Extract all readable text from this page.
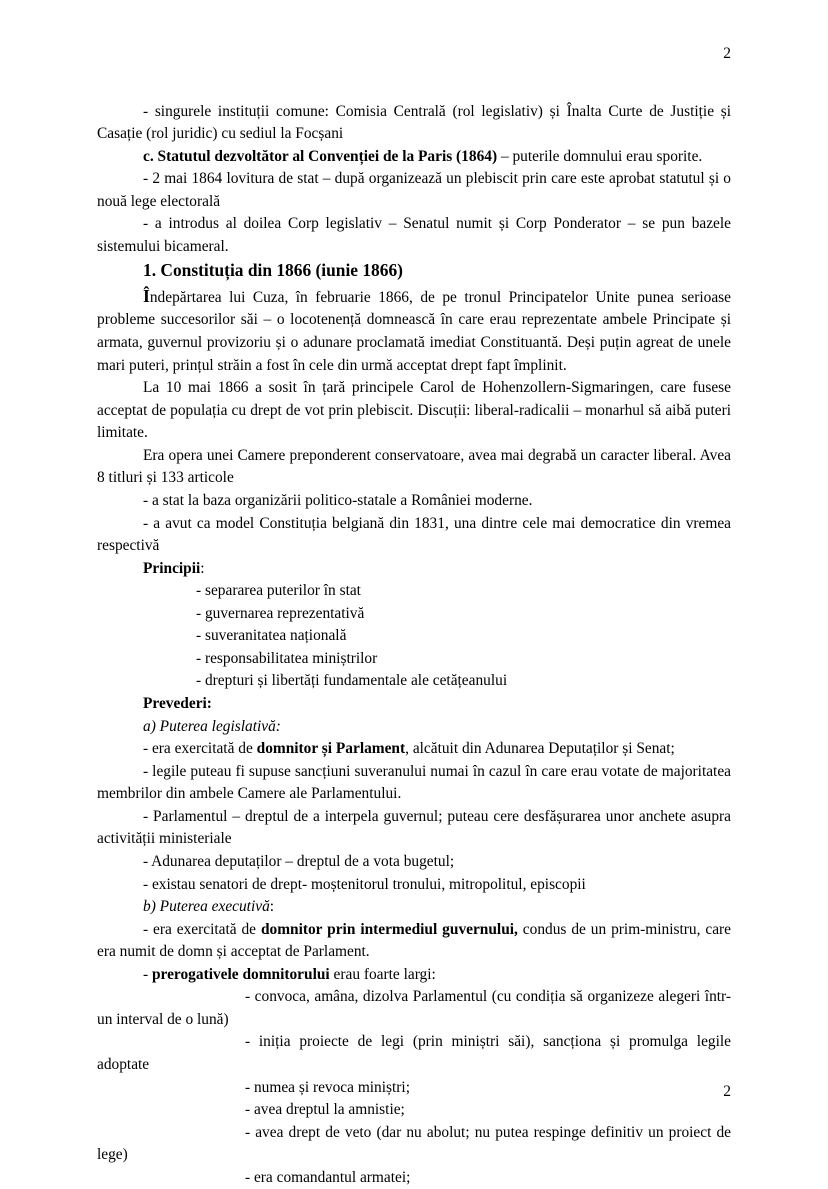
2

- singurele instituții comune: Comisia Centrală (rol legislativ) și Înalta Curte de Justiție și Casație (rol juridic) cu sediul la Focșani

c. Statutul dezvoltător al Convenției de la Paris (1864) – puterile domnului erau sporite.

- 2 mai 1864 lovitura de stat – după organizează un plebiscit prin care este aprobat statutul și o nouă lege electorală

- a introdus al doilea Corp legislativ – Senatul numit și Corp Ponderator – se pun bazele sistemului bicameral.

1. Constituția din 1866 (iunie 1866)

Îndepărtarea lui Cuza, în februarie 1866, de pe tronul Principatelor Unite punea serioase probleme succesorilor săi – o locotenență domnească în care erau reprezentate ambele Principate și armata, guvernul provizoriu și o adunare proclamată imediat Constituantă. Deși puțin agreat de unele mari puteri, prințul străin a fost în cele din urmă acceptat drept fapt împlinit.

La 10 mai 1866 a sosit în țară principele Carol de Hohenzollern-Sigmaringen, care fusese acceptat de populația cu drept de vot prin plebiscit. Discuții: liberal-radicalii – monarhul să aibă puteri limitate.

Era opera unei Camere preponderent conservatoare, avea mai degrabă un caracter liberal. Avea 8 titluri și 133 articole

- a stat la baza organizării politico-statale a României moderne.

- a avut ca model Constituția belgiană din 1831, una dintre cele mai democratice din vremea respectivă

Principii:

- separarea puterilor în stat

- guvernarea reprezentativă

- suveranitatea națională

- responsabilitatea miniștrilor

- drepturi și libertăți fundamentale ale cetățeanului

Prevederi:

a) Puterea legislativă:

- era exercitată de domnitor și Parlament, alcătuit din Adunarea Deputaților și Senat;

- legile puteau fi supuse sancțiuni suveranului numai în cazul în care erau votate de majoritatea membrilor din ambele Camere ale Parlamentului.

- Parlamentul – dreptul de a interpela guvernul; puteau cere desfășurarea unor anchete asupra activității ministeriale

- Adunarea deputaților – dreptul de a vota bugetul;

- existau senatori de drept- moștenitorul tronului, mitropolitul, episcopii

b) Puterea executivă:

- era exercitată de domnitor prin intermediul guvernului, condus de un prim-ministru, care era numit de domn și acceptat de Parlament.

- prerogativele domnitorului erau foarte largi:

- convoca, amâna, dizolva Parlamentul (cu condiția să organizeze alegeri într-un interval de o lună)

- iniția proiecte de legi (prin miniștri săi), sancționa și promulga legile adoptate

- numea și revoca miniștri;

- avea dreptul la amnistie;

- avea drept de veto (dar nu abolut; nu putea respinge definitiv un proiect de lege)

- era comandantul armatei;

2
